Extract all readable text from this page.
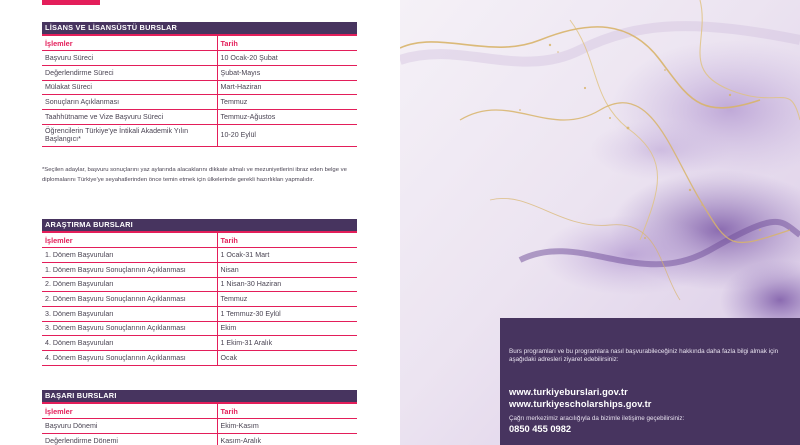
LİSANS VE LİSANSÜSTÜ BURSLAR
İşlemler	Tarih
Başvuru Süreci	10 Ocak-20 Şubat
Değerlendirme Süreci	Şubat-Mayıs
Mülakat Süreci	Mart-Haziran
Sonuçların Açıklanması	Temmuz
Taahhütname ve Vize Başvuru Süreci	Temmuz-Ağustos
Öğrencilerin Türkiye'ye İntikali Akademik Yılın Başlangıcı*	10-20 Eylül
*Seçilen adaylar, başvuru sonuçlarını yaz aylarında alacaklarını dikkate almalı ve mezuniyetlerini ibraz eden belge ve diplomalarını Türkiye'ye seyahatlerinden önce temin etmek için ülkelerinde gerekli hazırlıkları yapmalıdır.
ARAŞTIRMA BURSLARI
İşlemler	Tarih
1. Dönem Başvuruları	1 Ocak-31 Mart
1. Dönem Başvuru Sonuçlarının Açıklanması	Nisan
2. Dönem Başvuruları	1 Nisan-30 Haziran
2. Dönem Başvuru Sonuçlarının Açıklanması	Temmuz
3. Dönem Başvuruları	1 Temmuz-30 Eylül
3. Dönem Başvuru Sonuçlarının Açıklanması	Ekim
4. Dönem Başvuruları	1 Ekim-31 Aralık
4. Dönem Başvuru Sonuçlarının Açıklanması	Ocak
BAŞARI BURSLARI
İşlemler	Tarih
Başvuru Dönemi	Ekim-Kasım
Değerlendirme Dönemi	Kasım-Aralık
Burs programları ve bu programlara nasıl başvurabileceğiniz hakkında daha fazla bilgi almak için aşağıdaki adresleri ziyaret edebilirsiniz:
www.turkiyeburslari.gov.tr
www.turkiyescholarships.gov.tr
Çağrı merkezimiz aracılığıyla da bizimle iletişime geçebilirsiniz:
0850 455 0982
